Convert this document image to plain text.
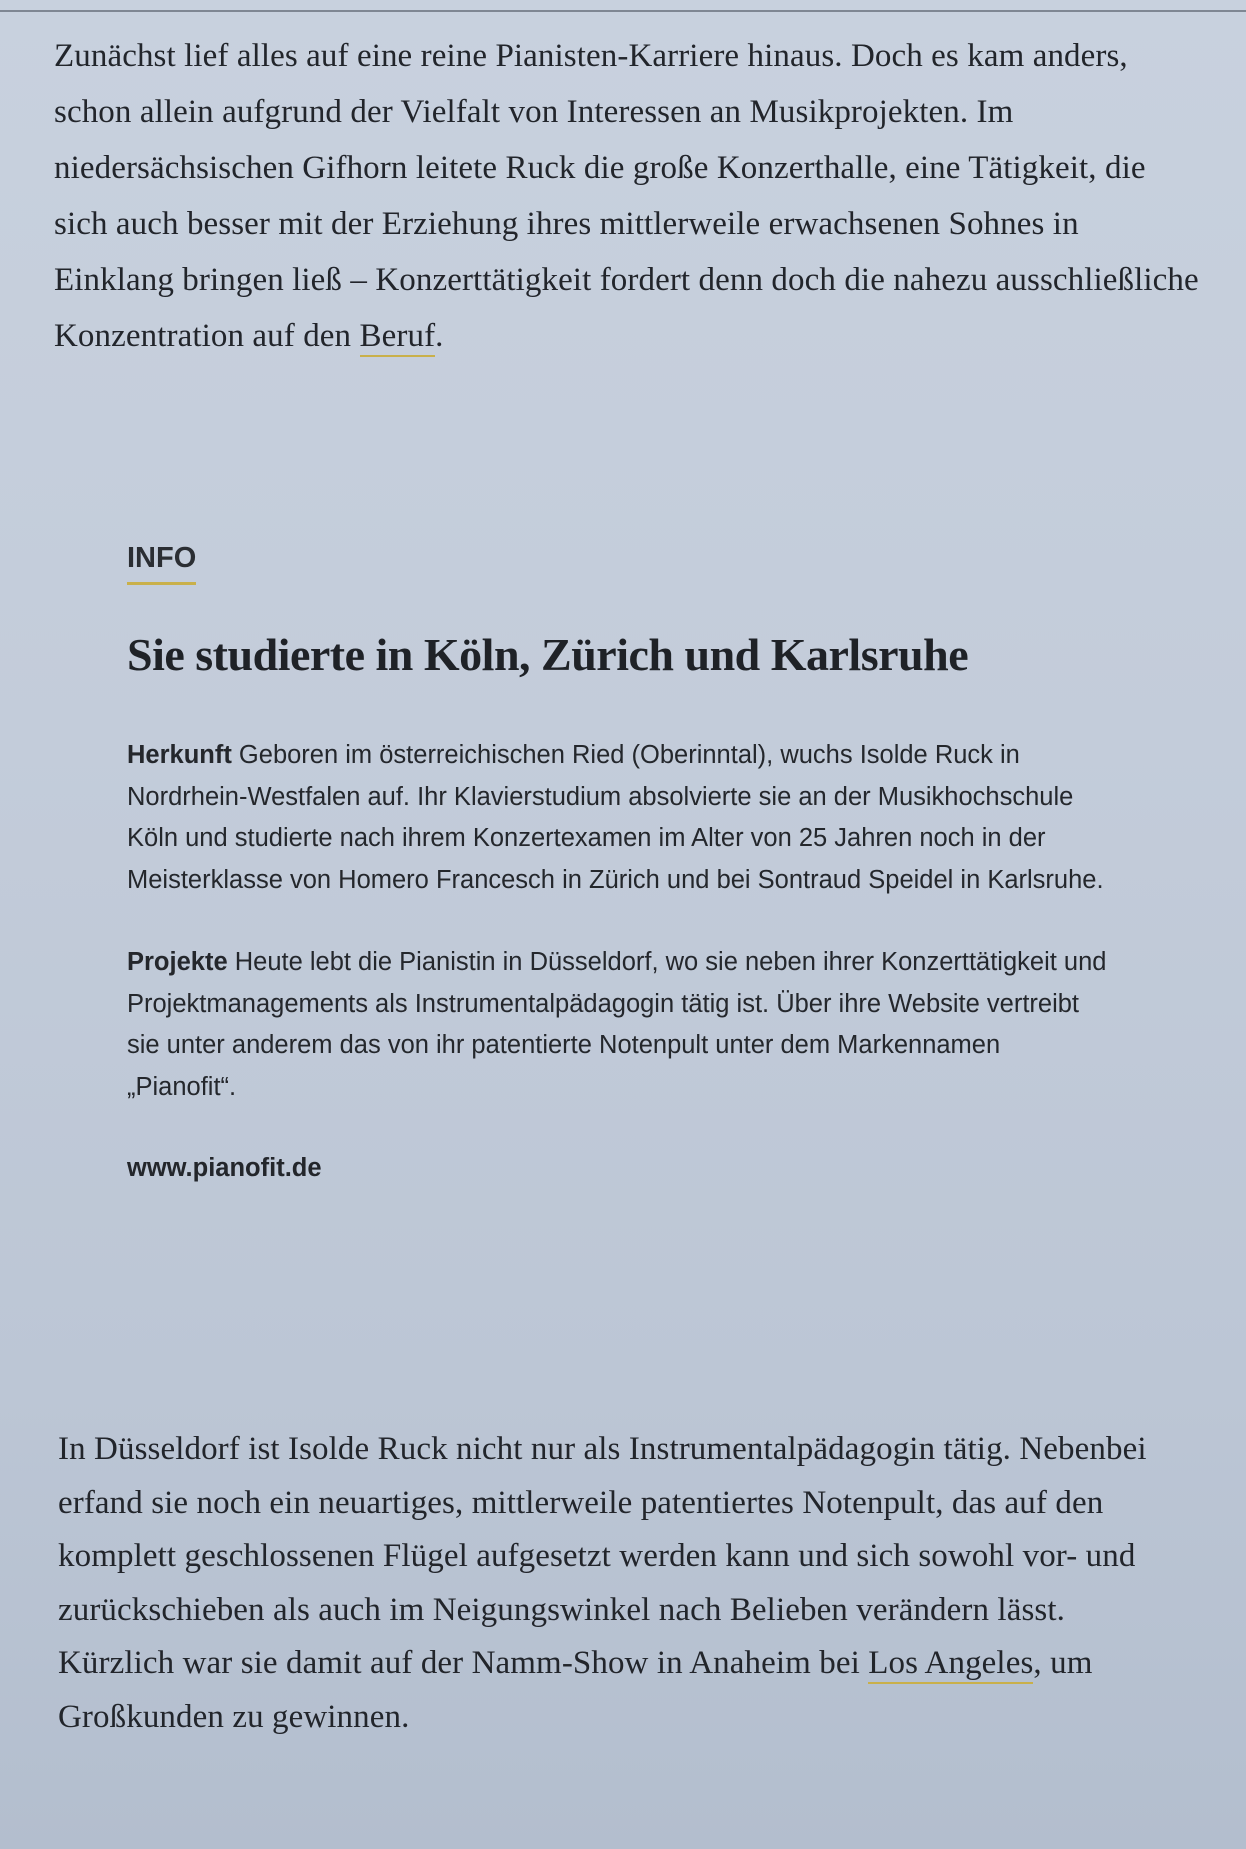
Zunächst lief alles auf eine reine Pianisten-Karriere hinaus. Doch es kam anders, schon allein aufgrund der Vielfalt von Interessen an Musikprojekten. Im niedersächsischen Gifhorn leitete Ruck die große Konzerthalle, eine Tätigkeit, die sich auch besser mit der Erziehung ihres mittlerweile erwachsenen Sohnes in Einklang bringen ließ – Konzerttätigkeit fordert denn doch die nahezu ausschließliche Konzentration auf den Beruf.

INFO
Sie studierte in Köln, Zürich und Karlsruhe

Herkunft Geboren im österreichischen Ried (Oberinntal), wuchs Isolde Ruck in Nordrhein-Westfalen auf. Ihr Klavierstudium absolvierte sie an der Musikhochschule Köln und studierte nach ihrem Konzertexamen im Alter von 25 Jahren noch in der Meisterklasse von Homero Francesch in Zürich und bei Sontraud Speidel in Karlsruhe.

Projekte Heute lebt die Pianistin in Düsseldorf, wo sie neben ihrer Konzerttätigkeit und Projektmanagements als Instrumentalpädagogin tätig ist. Über ihre Website vertreibt sie unter anderem das von ihr patentierte Notenpult unter dem Markennamen „Pianofit“.

www.pianofit.de

In Düsseldorf ist Isolde Ruck nicht nur als Instrumentalpädagogin tätig. Nebenbei erfand sie noch ein neuartiges, mittlerweile patentiertes Notenpult, das auf den komplett geschlossenen Flügel aufgesetzt werden kann und sich sowohl vor- und zurückschieben als auch im Neigungswinkel nach Belieben verändern lässt. Kürzlich war sie damit auf der Namm-Show in Anaheim bei Los Angeles, um Großkunden zu gewinnen.
